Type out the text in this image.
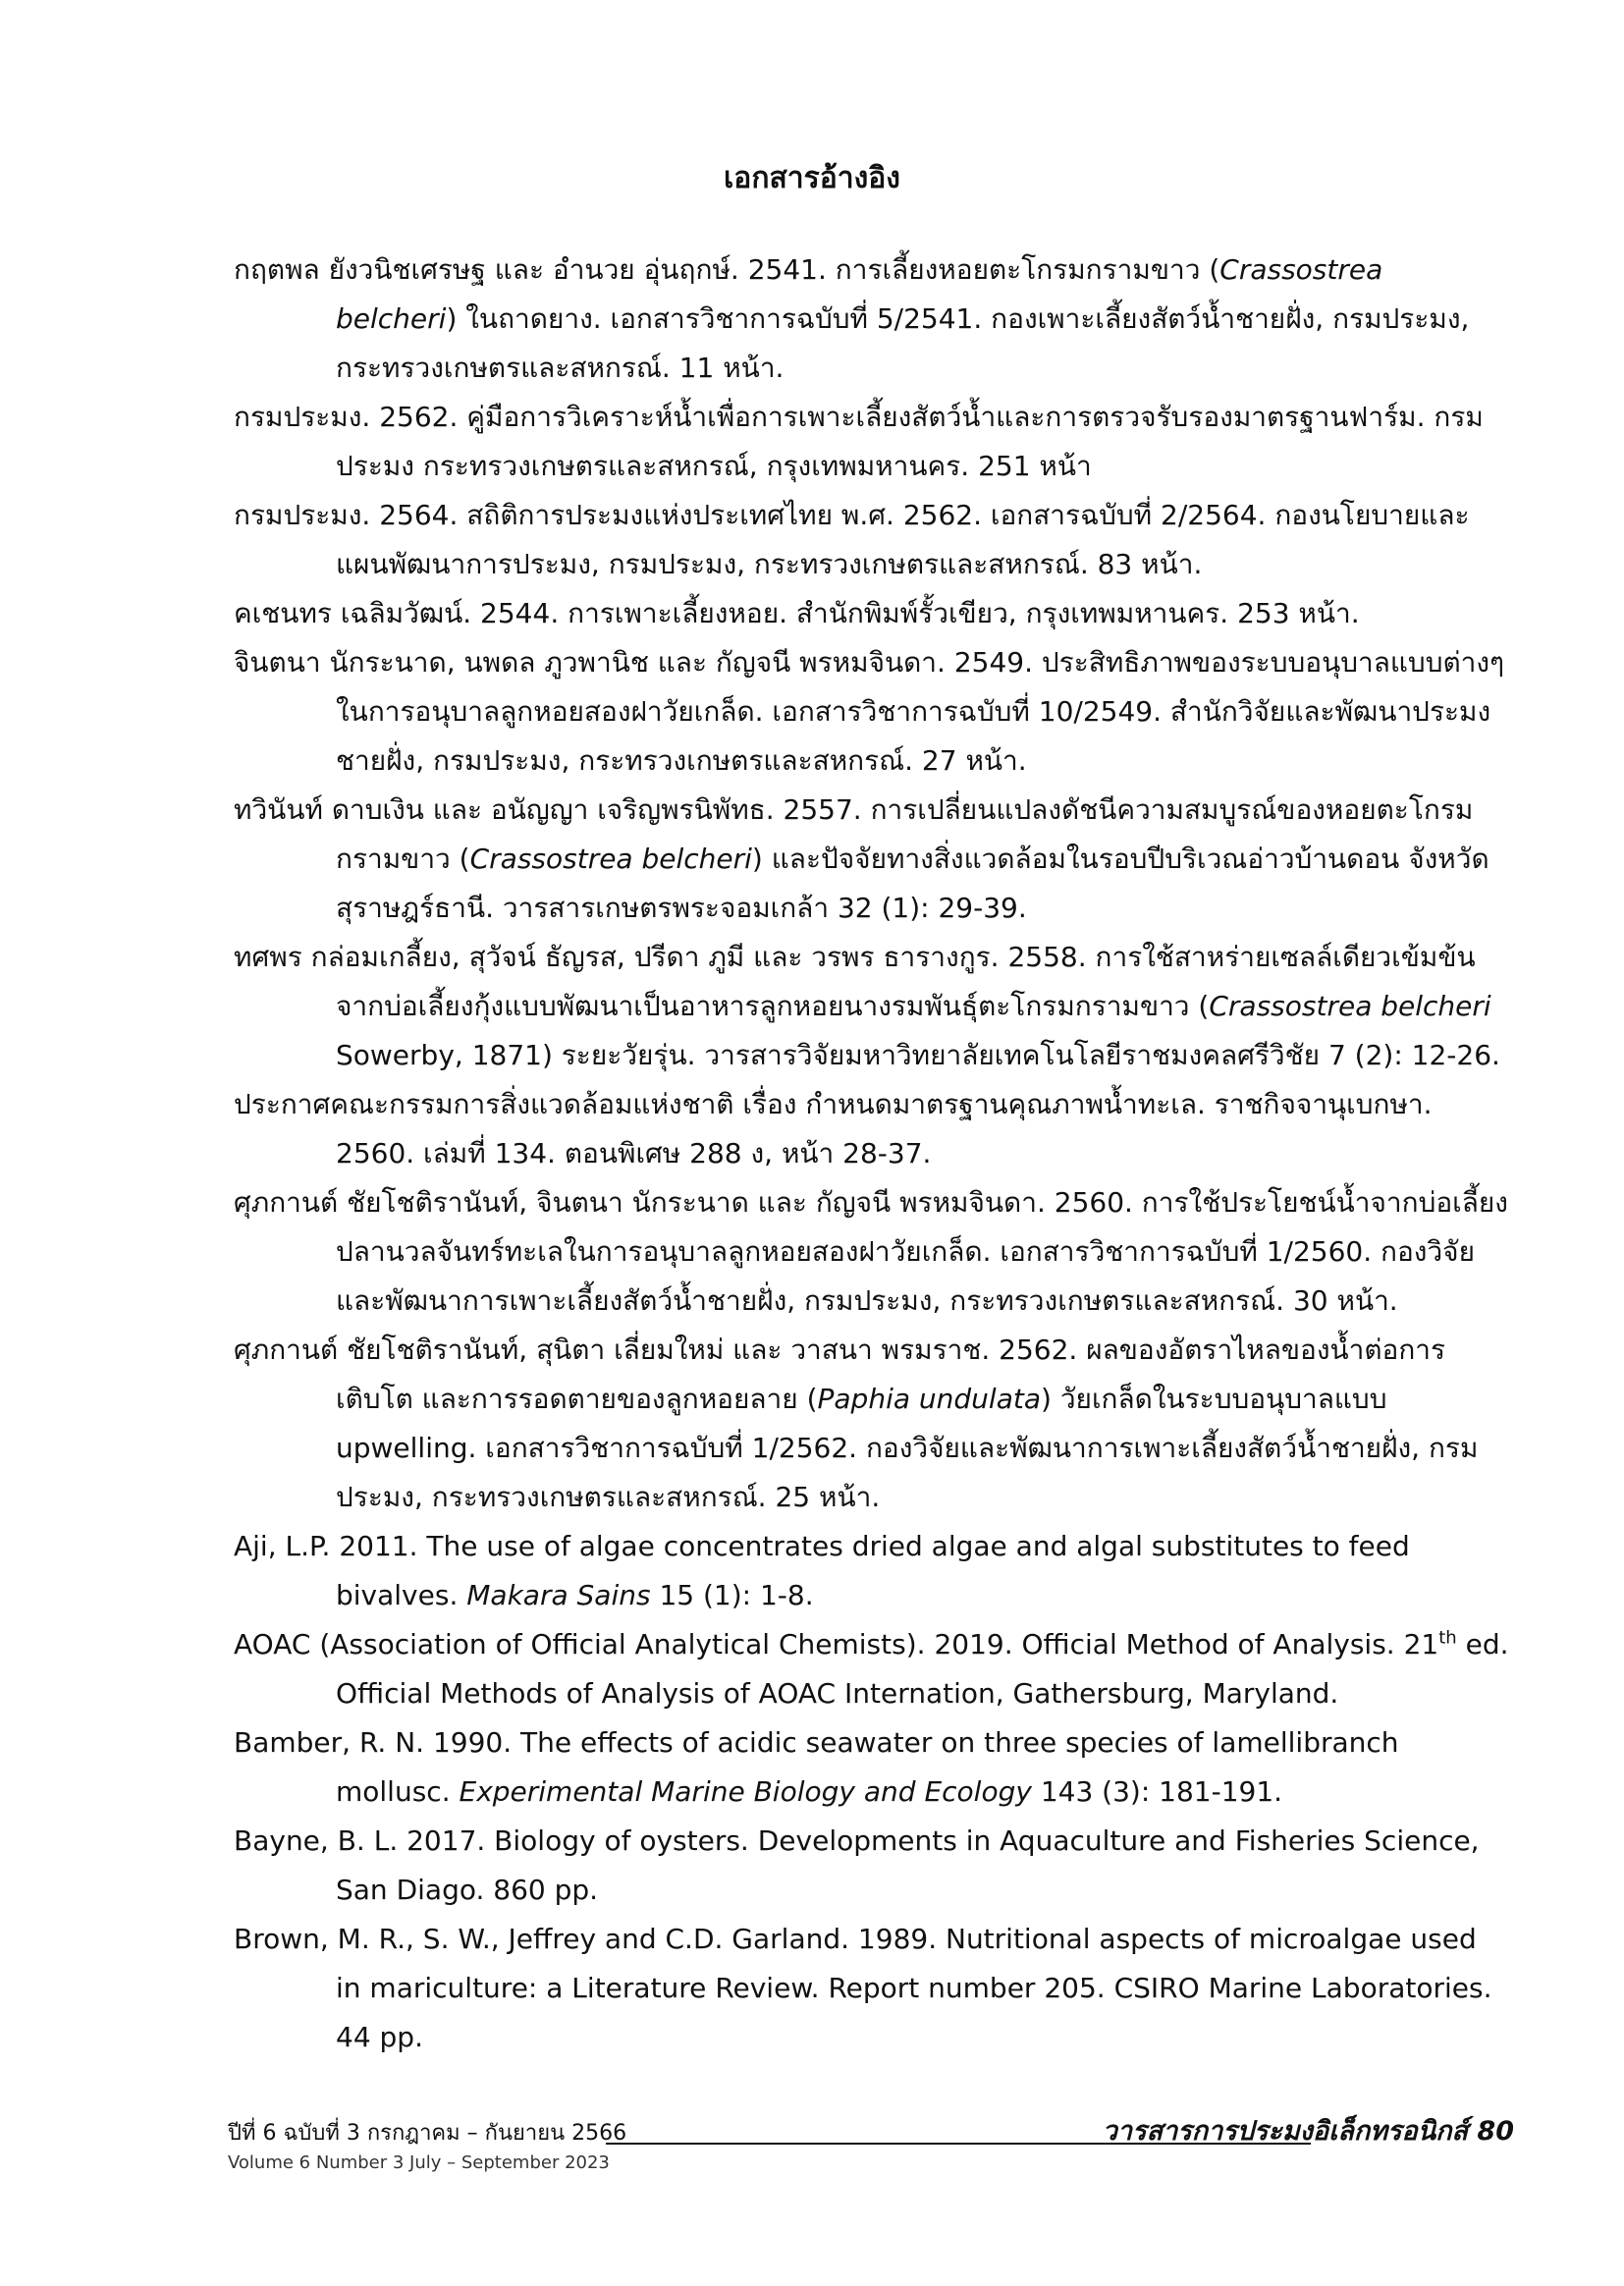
เอกสารอ้างอิง

กฤตพล ยังวนิชเศรษฐ และ อำนวย อุ่นฤกษ์. 2541. การเลี้ยงหอยตะโกรมกรามขาว (Crassostrea belcheri) ในถาดยาง. เอกสารวิชาการฉบับที่ 5/2541. กองเพาะเลี้ยงสัตว์น้ำชายฝั่ง, กรมประมง, กระทรวงเกษตรและสหกรณ์. 11 หน้า.

กรมประมง. 2562. คู่มือการวิเคราะห์น้ำเพื่อการเพาะเลี้ยงสัตว์น้ำและการตรวจรับรองมาตรฐานฟาร์ม. กรมประมง กระทรวงเกษตรและสหกรณ์, กรุงเทพมหานคร. 251 หน้า

กรมประมง. 2564. สถิติการประมงแห่งประเทศไทย พ.ศ. 2562. เอกสารฉบับที่ 2/2564. กองนโยบายและแผนพัฒนาการประมง, กรมประมง, กระทรวงเกษตรและสหกรณ์. 83 หน้า.

คเชนทร เฉลิมวัฒน์. 2544. การเพาะเลี้ยงหอย. สำนักพิมพ์รั้วเขียว, กรุงเทพมหานคร. 253 หน้า.

จินตนา นักระนาด, นพดล ภูวพานิช และ กัญจนี พรหมจินดา. 2549. ประสิทธิภาพของระบบอนุบาลแบบต่างๆ ในการอนุบาลลูกหอยสองฝาวัยเกล็ด. เอกสารวิชาการฉบับที่ 10/2549. สำนักวิจัยและพัฒนาประมงชายฝั่ง, กรมประมง, กระทรวงเกษตรและสหกรณ์. 27 หน้า.

ทวินันท์ ดาบเงิน และ อนัญญา เจริญพรนิพัทธ. 2557. การเปลี่ยนแปลงดัชนีความสมบูรณ์ของหอยตะโกรมกรามขาว (Crassostrea belcheri) และปัจจัยทางสิ่งแวดล้อมในรอบปีบริเวณอ่าวบ้านดอน จังหวัดสุราษฎร์ธานี. วารสารเกษตรพระจอมเกล้า 32 (1): 29-39.

ทศพร กล่อมเกลี้ยง, สุวัจน์ ธัญรส, ปรีดา ภูมี และ วรพร ธารางกูร. 2558. การใช้สาหร่ายเซลล์เดียวเข้มข้นจากบ่อเลี้ยงกุ้งแบบพัฒนาเป็นอาหารลูกหอยนางรมพันธุ์ตะโกรมกรามขาว (Crassostrea belcheri Sowerby, 1871) ระยะวัยรุ่น. วารสารวิจัยมหาวิทยาลัยเทคโนโลยีราชมงคลศรีวิชัย 7 (2): 12-26.

ประกาศคณะกรรมการสิ่งแวดล้อมแห่งชาติ เรื่อง กำหนดมาตรฐานคุณภาพน้ำทะเล. ราชกิจจานุเบกษา. 2560. เล่มที่ 134. ตอนพิเศษ 288 ง, หน้า 28-37.

ศุภกานต์ ชัยโชติรานันท์, จินตนา นักระนาด และ กัญจนี พรหมจินดา. 2560. การใช้ประโยชน์น้ำจากบ่อเลี้ยงปลานวลจันทร์ทะเลในการอนุบาลลูกหอยสองฝาวัยเกล็ด. เอกสารวิชาการฉบับที่ 1/2560. กองวิจัยและพัฒนาการเพาะเลี้ยงสัตว์น้ำชายฝั่ง, กรมประมง, กระทรวงเกษตรและสหกรณ์. 30 หน้า.

ศุภกานต์ ชัยโชติรานันท์, สุนิตา เลี่ยมใหม่ และ วาสนา พรมราช. 2562. ผลของอัตราไหลของน้ำต่อการเติบโต และการรอดตายของลูกหอยลาย (Paphia undulata) วัยเกล็ดในระบบอนุบาลแบบ upwelling. เอกสารวิชาการฉบับที่ 1/2562. กองวิจัยและพัฒนาการเพาะเลี้ยงสัตว์น้ำชายฝั่ง, กรมประมง, กระทรวงเกษตรและสหกรณ์. 25 หน้า.

Aji, L.P. 2011. The use of algae concentrates dried algae and algal substitutes to feed bivalves. Makara Sains 15 (1): 1-8.

AOAC (Association of Official Analytical Chemists). 2019. Official Method of Analysis. 21th ed. Official Methods of Analysis of AOAC Internation, Gathersburg, Maryland.

Bamber, R. N. 1990. The effects of acidic seawater on three species of lamellibranch mollusc. Experimental Marine Biology and Ecology 143 (3): 181-191.

Bayne, B. L. 2017. Biology of oysters. Developments in Aquaculture and Fisheries Science, San Diago. 860 pp.

Brown, M. R., S. W., Jeffrey and C.D. Garland. 1989. Nutritional aspects of microalgae used in mariculture: a Literature Review. Report number 205. CSIRO Marine Laboratories. 44 pp.

ปีที่ 6 ฉบับที่ 3 กรกฎาคม – กันยายน 2566	วารสารการประมงอิเล็กทรอนิกส์ 80
Volume 6 Number 3 July – September 2023
